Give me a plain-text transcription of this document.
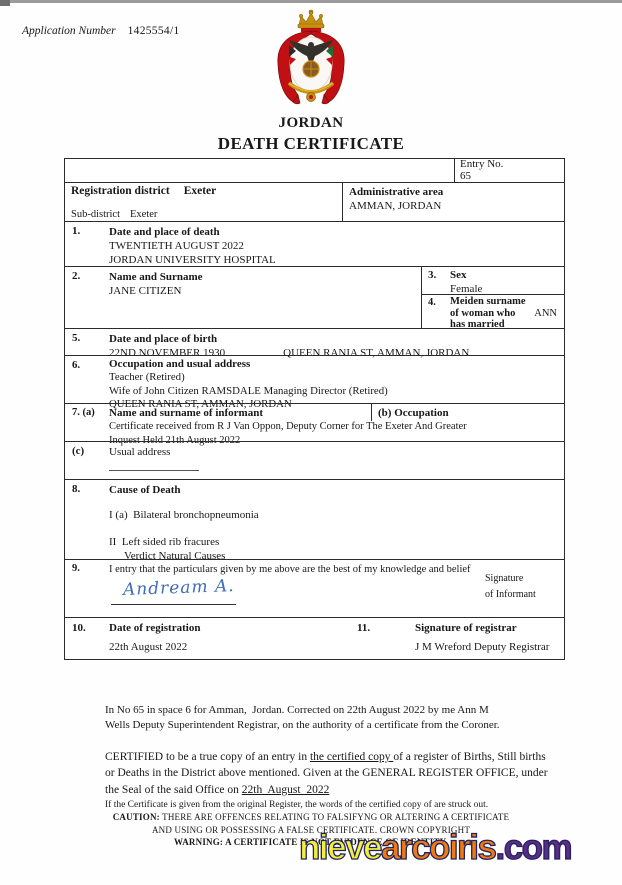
Application Number 1425554/1
JORDAN
DEATH CERTIFICATE
Entry No.
65
Registration district Exeter
Sub-district Exeter
Administrative area
AMMAN, JORDAN
1.	Date and place of death
TWENTIETH AUGUST 2022
JORDAN UNIVERSITY HOSPITAL
2.	Name and Surname
JANE CITIZEN
3. Sex
Female
4. Meiden surname
of woman who ANN
has married
5.	Date and place of birth
22ND NOVEMBER 1930	QUEEN RANIA ST, AMMAN, JORDAN
6.	Occupation and usual address
Teacher (Retired)
Wife of John Citizen RAMSDALE Managing Director (Retired)
QUEEN RANIA ST, AMMAN, JORDAN
7. (a)	Name and surname of informant	(b) Occupation
Certificate received from R J Van Oppon, Deputy Corner for The Exeter And Greater
Inquest Held 21th August 2022
(c) Usual address
8.	Cause of Death
I (a)  Bilateral bronchopneumonia
II  Left sided rib fracures
Verdict Natural Causes
9.	I entry that the particulars given by me above are the best of my knowledge and belief
Andream A.	Signature
of Informant
10. Date of registration
22th August 2022
11.	Signature of registrar
J M Wreford Deputy Registrar
In No 65 in space 6 for Amman,  Jordan. Corrected on 22th August 2022 by me Ann M
Wells Deputy Superintendent Registrar, on the authority of a certificate from the Coroner.
CERTIFIED to be a true copy of an entry in the certified copy of a register of Births, Still births
or Deaths in the District above mentioned. Given at the GENERAL REGISTER OFFICE, under
the Seal of the said Office on 22th  August  2022
If the Certificate is given from the original Register, the words of the certified copy of are struck out.
CAUTION: THERE ARE OFFENCES RELATING TO FALSIFYNG OR ALTERING A CERTIFICATE
AND USING OR POSSESSING A FALSE CERTIFICATE. CROWN COPYRIGHT
WARNING: A CERTIFICATE IS NOT EVIDENCE OF IDENTITY.
nievearcoiris.com
